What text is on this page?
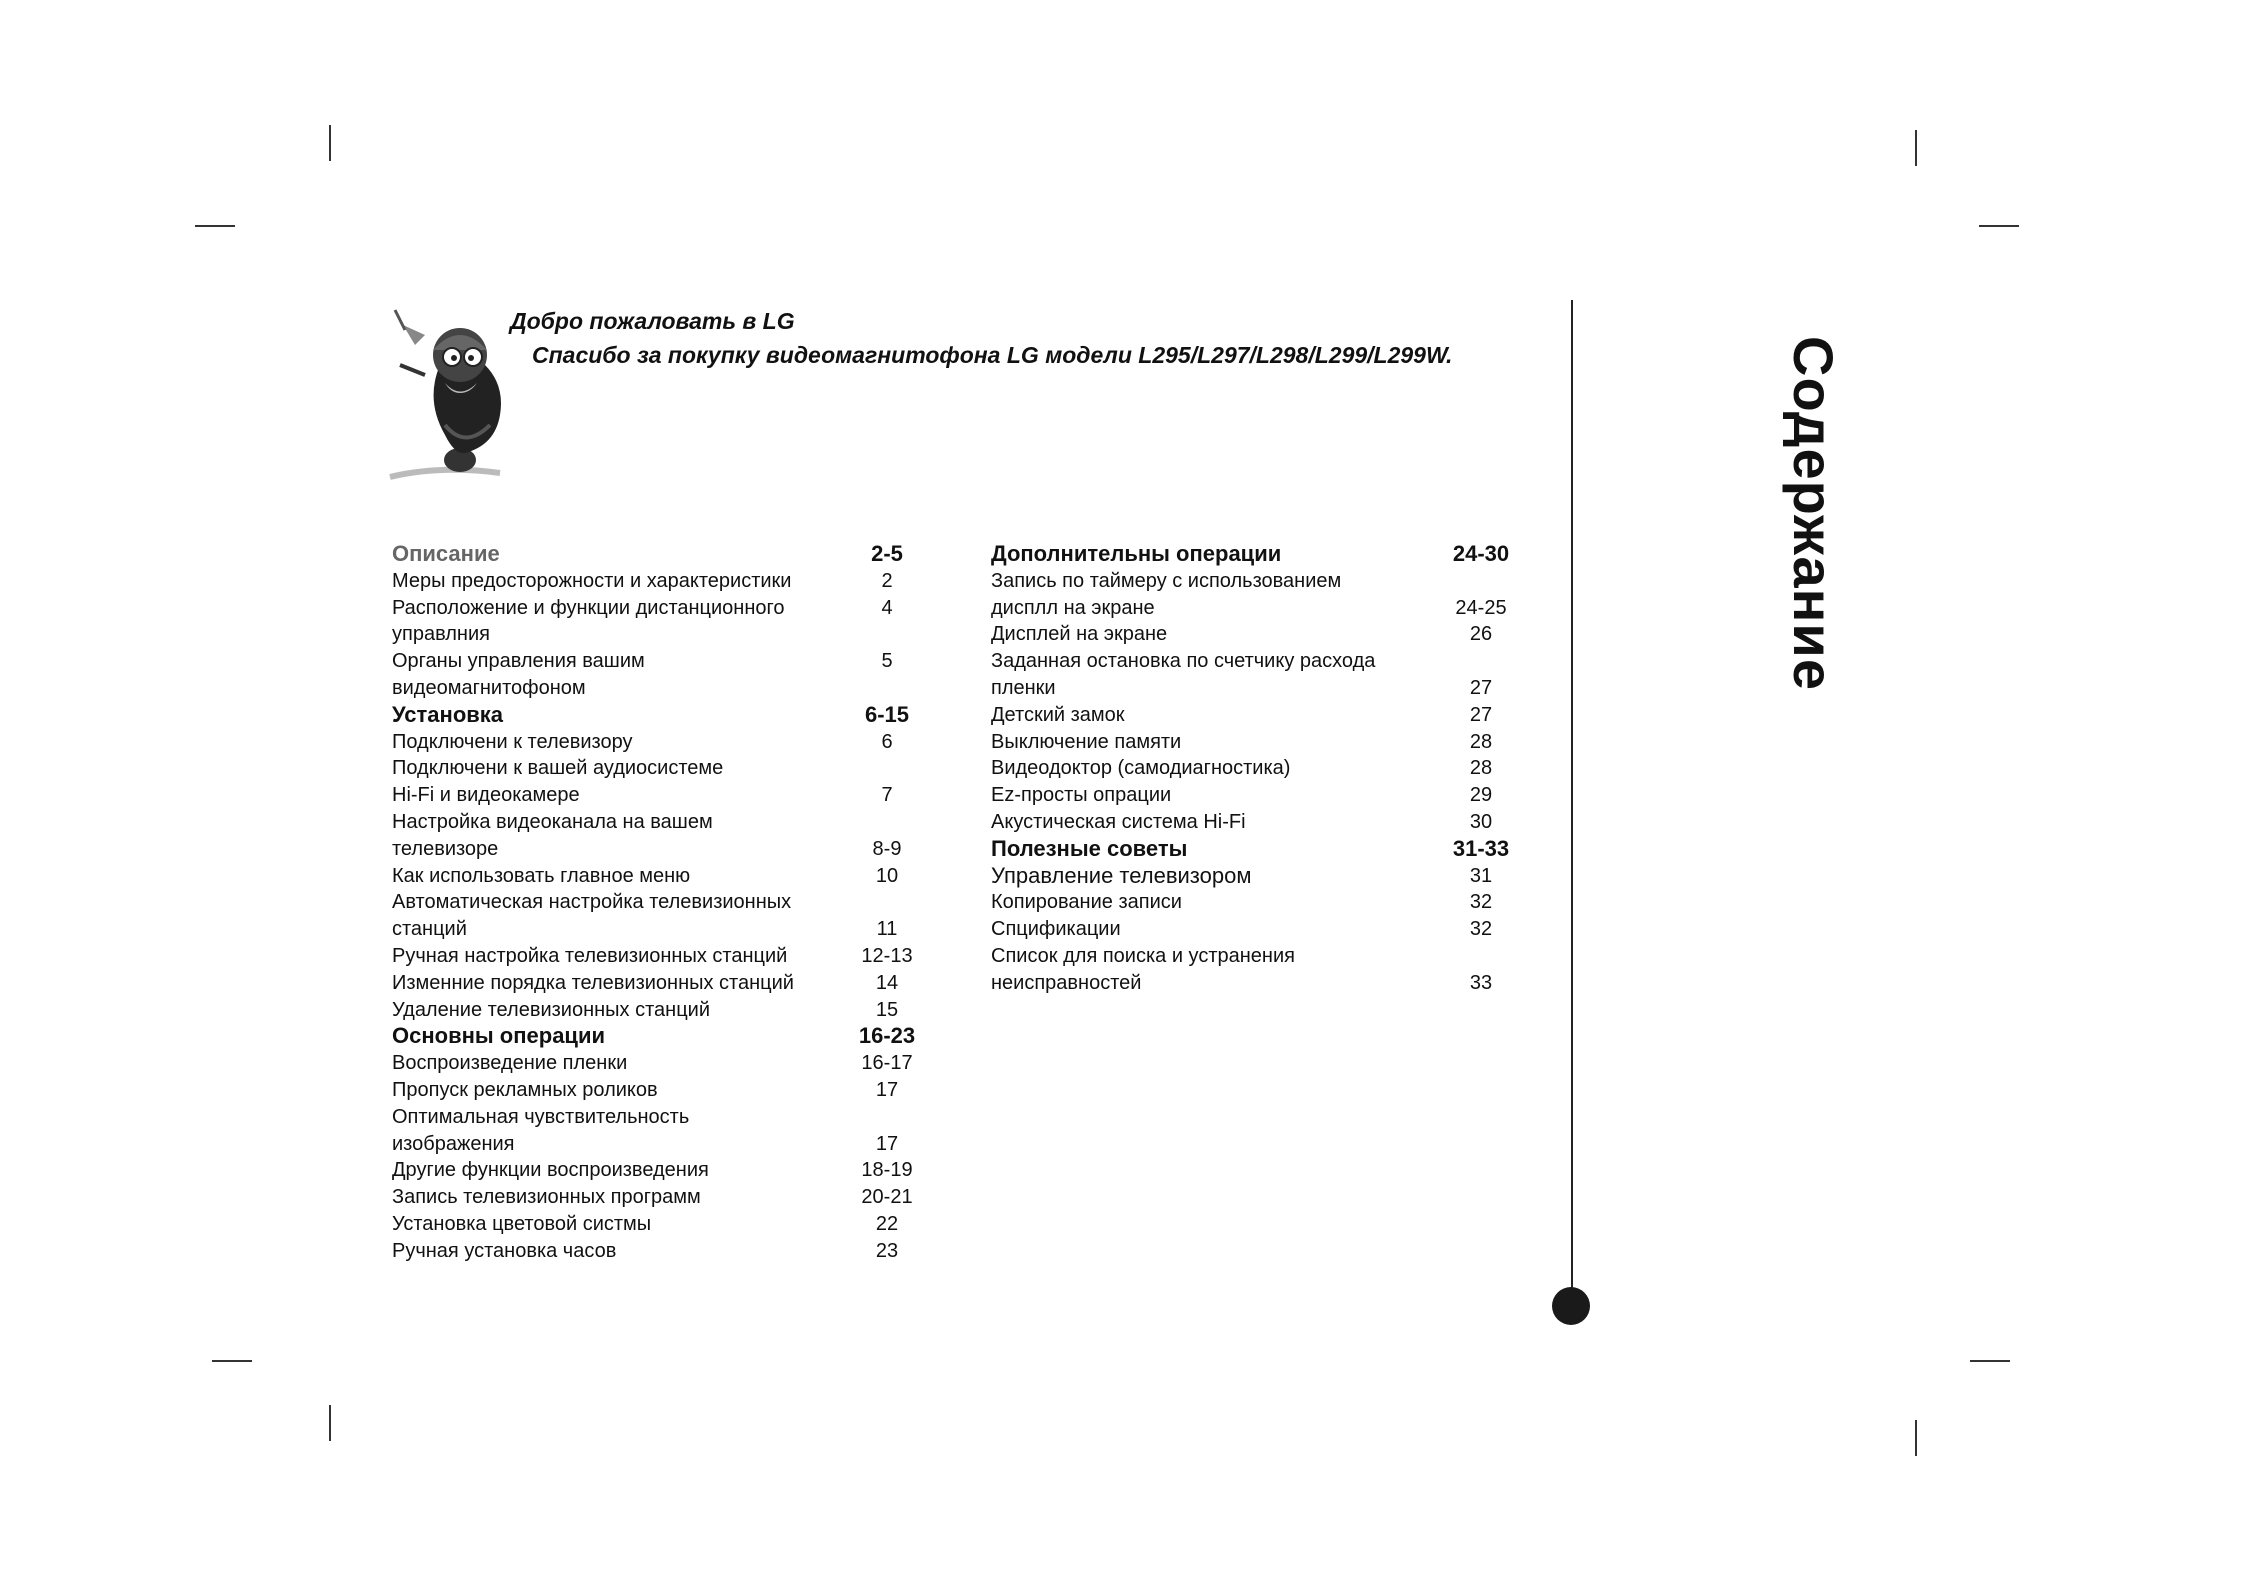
Добро пожаловать в LG
Спасибо за покупку видеомагнитофона LG модели L295/L297/L298/L299/L299W.
Описание	2-5
Меры предосторожности и характеристики	2
Расположение и функции дистанционного	4
управлния
Органы управления вашим	5
видеомагнитофоном
Установка	6-15
Подключени к телевизору	6
Подключени к вашей аудиосистеме
Hi-Fi и видеокамере	7
Настройка видеоканала на вашем
телевизоре	8-9
Как использовать главное меню	10
Автоматическая настройка телевизионных
станций	11
Ручная настройка телевизионных станций	12-13
Изменние порядка телевизионных станций	14
Удаление телевизионных станций	15
Основны операции	16-23
Воспроизведение пленки	16-17
Пропуск рекламных роликов	17
Оптимальная чувствительность
изображения	17
Другие функции воспроизведения	18-19
Запись телевизионных программ	20-21
Установка цветовой систмы	22
Ручная установка часов	23
Дополнительны операции	24-30
Запись по таймеру с использованием
дисплл на экране	24-25
Дисплей на экране	26
Заданная остановка по счетчику расхода
пленки	27
Детский замок	27
Выключение памяти	28
Видеодоктор (самодиагностика)	28
Ez-просты опрации	29
Акустическая система Hi-Fi	30
Полезные советы	31-33
Управление телевизором	31
Копирование записи	32
Спцификации	32
Список для поиска и устранения
неисправностей	33
Содержание
